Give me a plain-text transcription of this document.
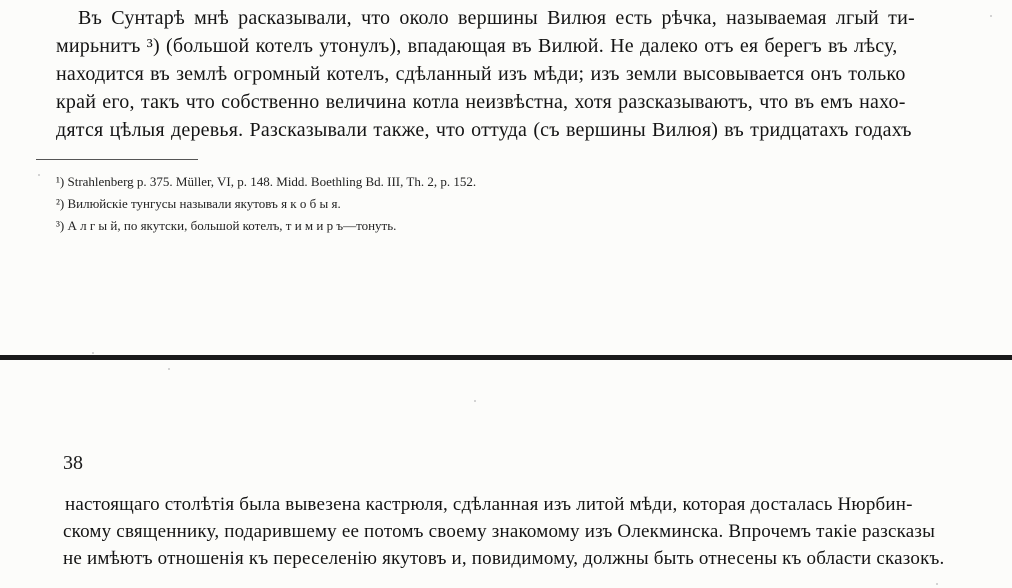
Въ Сунтарѣ мнѣ расказывали, что около вершины Вилюя есть рѣчка, называемая лгый ти-
мирьнитъ ³) (большой котелъ утонулъ), впадающая въ Вилюй. Не далеко отъ ея берегъ въ лѣсу,
находится въ землѣ огромный котелъ, сдѣланный изъ мѣди; изъ земли высовывается онъ только
край его, такъ что собственно величина котла неизвѣстна, хотя разсказываютъ, что въ емъ нахо-
дятся цѣлыя деревья. Разсказывали также, что оттуда (съ вершины Вилюя) въ тридцатахъ годахъ
¹) Strahlenberg p. 375. Müller, VI, p. 148. Midd. Boethling Bd. III, Th. 2, p. 152.
²) Вилюйскіе тунгусы называли якутовъ я к о б ы я.
³) А л г ы й, по якутски, большой котелъ, т и м и р ъ—тонуть.
38
настоящаго столѣтія была вывезена кастрюля, сдѣланная изъ литой мѣди, которая досталась Нюрбин-
скому священнику, подарившему ее потомъ своему знакомому изъ Олекминска. Впрочемъ такіе разсказы
не имѣютъ отношенія къ переселенію якутовъ и, повидимому, должны быть отнесены къ области сказокъ.
